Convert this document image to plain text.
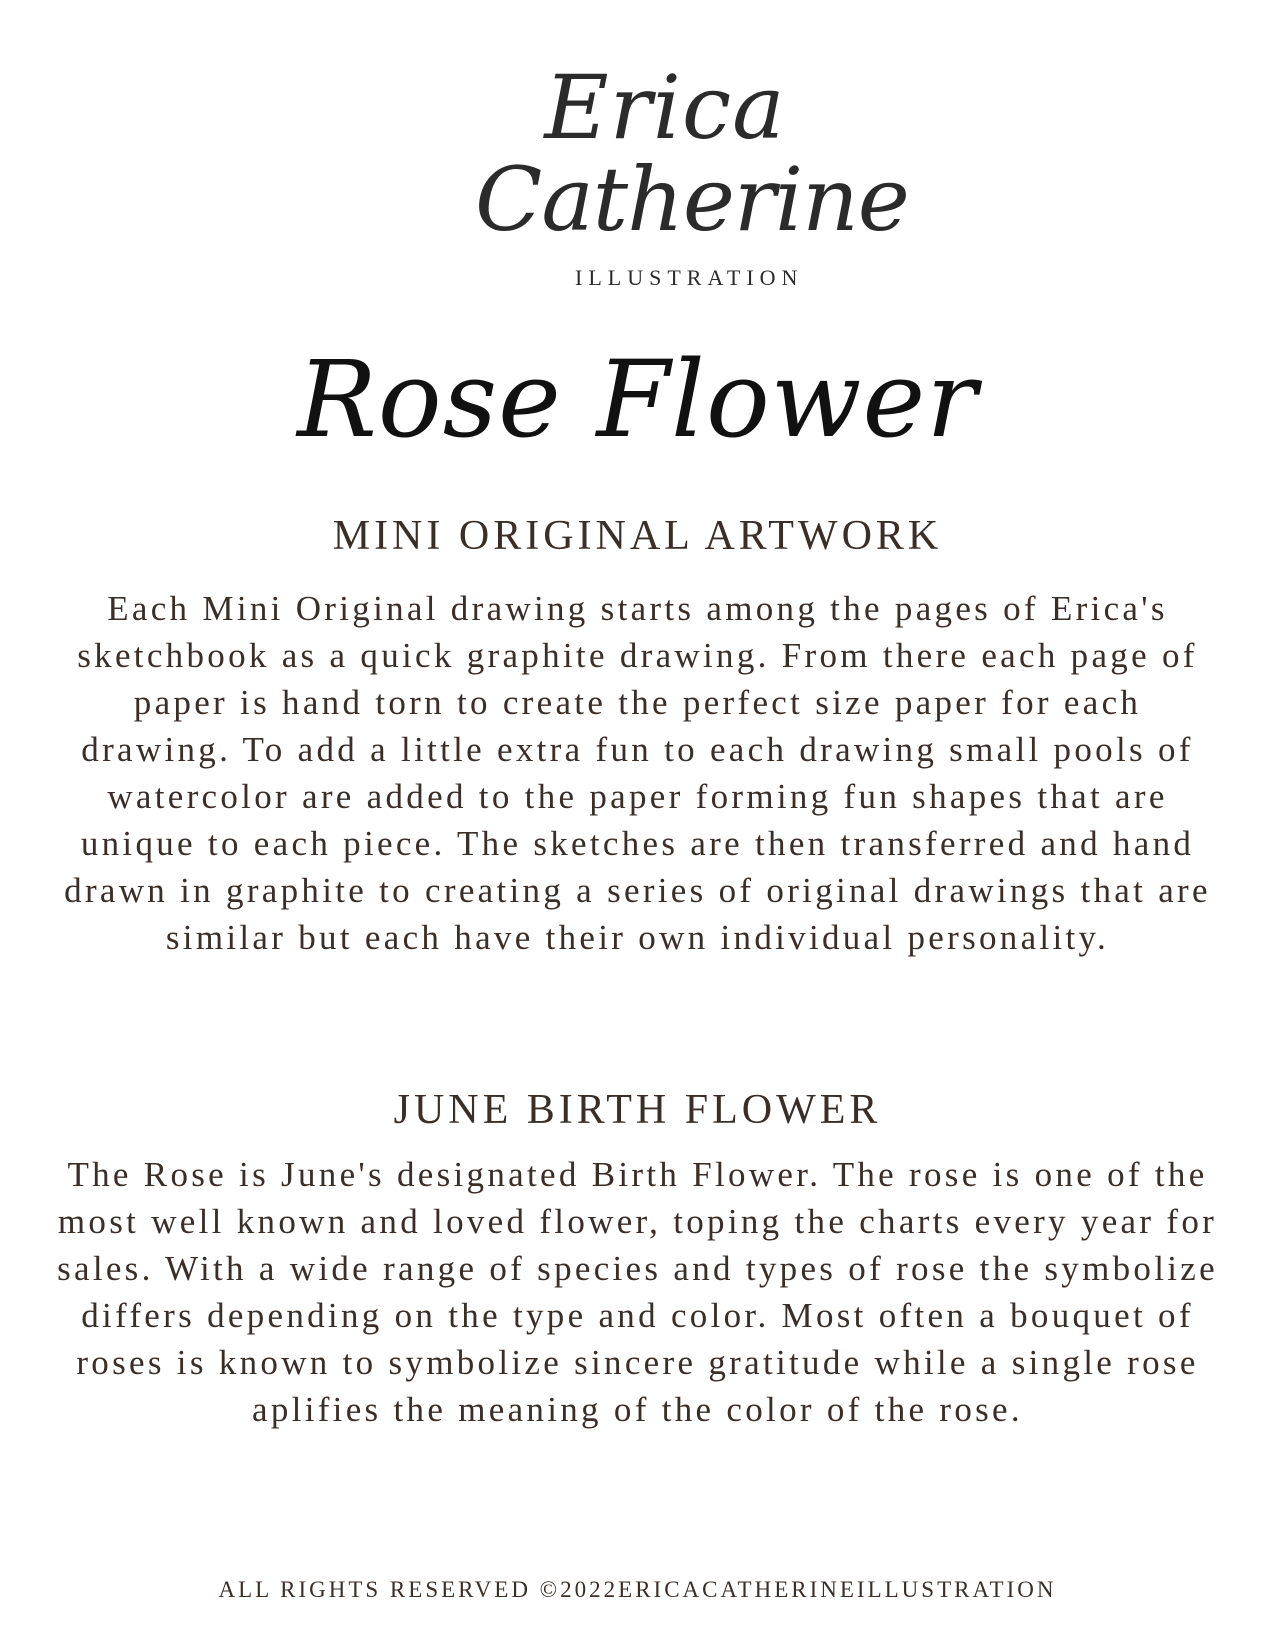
Erica
Catherine
ILLUSTRATION
Rose Flower
MINI ORIGINAL ARTWORK
Each Mini Original drawing starts among the pages of Erica's sketchbook as a quick graphite drawing. From there each page of paper is hand torn to create the perfect size paper for each drawing. To add a little extra fun to each drawing small pools of watercolor are added to the paper forming fun shapes that are unique to each piece. The sketches are then transferred and hand drawn in graphite to creating a series of original drawings that are similar but each have their own individual personality.
JUNE BIRTH FLOWER
The Rose is June's designated Birth Flower. The rose is one of the most well known and loved flower, toping the charts every year for sales. With a wide range of species and types of rose the symbolize differs depending on the type and color. Most often a bouquet of roses is known to symbolize sincere gratitude while a single rose aplifies the meaning of the color of the rose.
ALL RIGHTS RESERVED ©2022ERICACATHERINEILLUSTRATION
